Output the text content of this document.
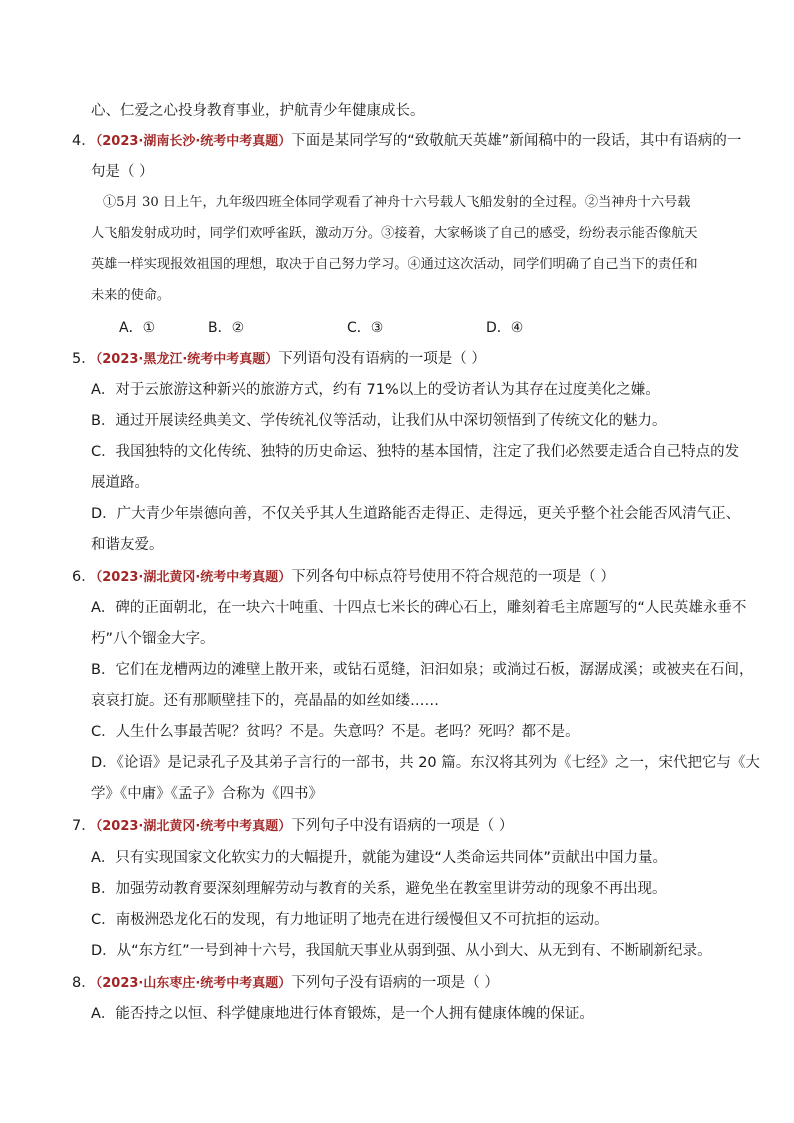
心、仁爱之心投身教育事业，护航青少年健康成长。
4．（2023·湖南长沙·统考中考真题）下面是某同学写的“致敬航天英雄”新闻稿中的一段话，其中有语病的一
句是（ ）
①5月 30 日上午，九年级四班全体同学观看了神舟十六号载人飞船发射的全过程。②当神舟十六号载
人飞船发射成功时，同学们欢呼雀跃，激动万分。③接着，大家畅谈了自己的感受，纷纷表示能否像航天
英雄一样实现报效祖国的理想，取决于自己努力学习。④通过这次活动，同学们明确了自己当下的责任和
未来的使命。
A．①	B．②	C．③	D．④
5．（2023·黑龙江·统考中考真题）下列语句没有语病的一项是（ ）
A．对于云旅游这种新兴的旅游方式，约有 71%以上的受访者认为其存在过度美化之嫌。
B．通过开展读经典美文、学传统礼仪等活动，让我们从中深切领悟到了传统文化的魅力。
C．我国独特的文化传统、独特的历史命运、独特的基本国情，注定了我们必然要走适合自己特点的发
展道路。
D．广大青少年崇德向善，不仅关乎其人生道路能否走得正、走得远，更关乎整个社会能否风清气正、
和谐友爱。
6．（2023·湖北黄冈·统考中考真题）下列各句中标点符号使用不符合规范的一项是（ ）
A．碑的正面朝北，在一块六十吨重、十四点七米长的碑心石上，雕刻着毛主席题写的“人民英雄永垂不
朽”八个镏金大字。
B．它们在龙槽两边的滩壁上散开来，或钻石觅缝，汩汩如泉；或淌过石板，潺潺成溪；或被夹在石间，
哀哀打旋。还有那顺壁挂下的，亮晶晶的如丝如缕……
C．人生什么事最苦呢？贫吗？不是。失意吗？不是。老吗？死吗？都不是。
D．《论语》是记录孔子及其弟子言行的一部书，共 20 篇。东汉将其列为《七经》之一，宋代把它与《大
学》《中庸》《孟子》合称为《四书》
7．（2023·湖北黄冈·统考中考真题）下列句子中没有语病的一项是（ ）
A．只有实现国家文化软实力的大幅提升，就能为建设“人类命运共同体”贡献出中国力量。
B．加强劳动教育要深刻理解劳动与教育的关系，避免坐在教室里讲劳动的现象不再出现。
C．南极洲恐龙化石的发现，有力地证明了地壳在进行缓慢但又不可抗拒的运动。
D．从“东方红”一号到神十六号，我国航天事业从弱到强、从小到大、从无到有、不断刷新纪录。
8．（2023·山东枣庄·统考中考真题）下列句子没有语病的一项是（ ）
A．能否持之以恒、科学健康地进行体育锻炼，是一个人拥有健康体魄的保证。
